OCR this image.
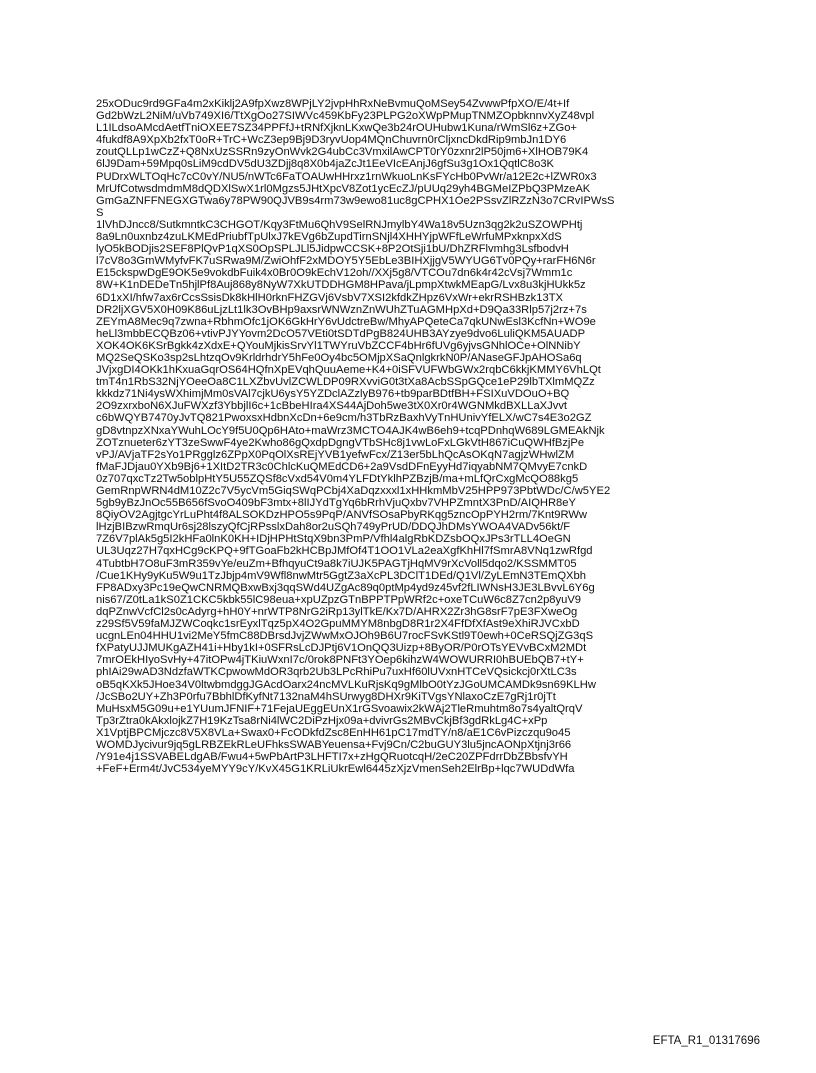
25xODuc9rd9GFa4m2xKiklj2A9fpXwz8WPjLY2jvpHhRxNeBvmuQoMSey54ZvwwPfpXO/E/4t+If
Gd2bWzL2NiM/uVb749XI6/TtXgOo27SIWVc459KbFy23PLPG2oXWpPMupTNMZOpbknnvXyZ48vpl
L1ILdsoAMcdAetfTniOXEE7SZ34PPFfJ+tRNfXjknLKxwQe3b24rOUHubw1Kuna/rWmSl6z+ZGo+
4fukdf8A9XpXb2fxT0oR+TrC+WcZ3ep9Bj9D3ryvUop4MQnChuvrn0rCljxncDkdRip9mbJn1DY6
zoutQLLp1wCzZ+Q8NxUzSSRn9zyOnWvk2G4ubCc3VmxilAwCPT0rY0zxnr2lP50jm6+XlHOB79K4
6lJ9Dam+59Mpq0sLiM9cdDV5dU3ZDjj8q8X0b4jaZcJt1EeVIcEAnjJ6gfSu3g1Ox1QqtlC8o3K
PUDrxWLTOqHc7cC0vY/NU5/nWTc6FaTOAUwHHrxz1rnWkuoLnKsFYcHb0PvWr/a12E2c+lZWR0x3
MrUfCotwsdmdmM8dQDXlSwX1rl0Mgzs5JHtXpcV8Zot1ycEcZJ/pUUq29yh4BGMeIZPbQ3PMzeAK
GmGaZNFFNEGXGTwa6y78PW90QJVB9s4rm73w9ewo81uc8gCPHX1Oe2PSsvZlRZzN3o7CRvIPWsS
S
1lVhDJncc8/SutkmntkC3CHGOT/Kqy3FtMu6QhV9SelRNJmylbY4Wa18v5Uzn3qg2k2uSZOWPHtj
8a9Ln0uxnbz4zuLKMEdPriubfTpUlxJ7kEVg6bZupdTirnSNjl4XHHYjpWFfLeWrfuMPxknpxXdS
lyO5kBODjis2SEF8PlQvP1qXS0OpSPLJLl5JidpwCCSK+8P2OtSji1bU/DhZRFlvmhg3LsfbodvH
l7cV8o3GmWMyfvFK7uSRwa9M/ZwiOhfF2xMDOY5Y5EbLe3BIHXjjgV5WYUG6Tv0PQy+rarFH6N6r
E15ckspwDgE9OK5e9vokdbFuik4x0Br0O9kEchV12oh//XXj5g8/VTCOu7dn6k4r42cVsj7Wmm1c
8W+K1nDEDeTn5hjlPf8Auj868y8NyW7XkUTDDHGM8HPava/jLpmpXtwkMEapG/Lvx8u3kjHUkk5z
6D1xXI/hfw7ax6rCcsSsisDk8kHlH0rknFHZGVj6VsbV7XSI2kfdkZHpz6VxWr+ekrRSHBzk13TX
DR2ljXGV5X0H09K86uLjzLt1lk3OvBHp9axsrWNWznZnWUhZTuAGMHpXd+D9Qa33Rlp57j2rz+7s
ZEYmA8Mec9q7zwna+RbhmOfc1jOK6GkHrY6vUdctreBw/MhyAPQeteCa7qkUNwEsl3KcfNn+WO9e
heLl3mbbECQBz06+vtivPJYYovm2DcO57VEti0tSDTdPgB824UHB3AYzye9dvo6LuliQKM5AUADP
XOK4OK6KSrBgkk4zXdxE+QYouMjkisSrvYl1TWYruVbZCCF4bHr6fUVg6yjvsGNhlOCe+OlNNibY
MQ2SeQSKo3sp2sLhtzqOv9KrldrhdrY5hFe0Oy4bc5OMjpXSaQnlgkrkN0P/ANaseGFJpAHOSa6q
JVjxgDI4OKk1hKxuaGqrOS64HQfnXpEVqhQuuAeme+K4+0iSFVUFWbGWx2rqbC6kkjKMMY6VhLQt
tmT4n1RbS32NjYOeeOa8C1LXZbvUvlZCWLDP09RXvviG0t3tXa8AcbSSpGQce1eP29lbTXlmMQZz
kkkdz71Ni4ysWXhimjMm0sVAl7cjkU6ysY5YZDclAZzlyB976+tb9parBDtfBH+FSIXuVDOuO+BQ
2O9zxrxboN6XJuFWXzf3YbbjlI6c+1cBbeHIra4XS44AjDoh5we3tX0Xr0r4WGNMkdBXLLaXJvvt
c6bWQYB7470yJvTQ821PwoxsxHdbnXcDn+6e9cm/h3TbRzBaxhVyTnHUnivYfELX/wC7s4E3o2GZ
gD8vtnpzXNxaYWuhLOcY9f5U0Qp6HAto+maWrz3MCTO4AJK4wB6eh9+tcqPDnhqW689LGMEAkNjk
ZOTznueter6zYT3zeSwwF4ye2Kwho86gQxdpDgngVTbSHc8j1vwLoFxLGkVtH867iCuQWHfBzjPe
vPJ/AVjaTF2sYo1PRgglz6ZPpX0PqOlXsREjYVB1yefwFcx/Z13er5bLhQcAsOKqN7agjzWHwlZM
fMaFJDjau0YXb9Bj6+1XItD2TR3c0ChlcKuQMEdCD6+2a9VsdDFnEyyHd7iqyabNM7QMvyE7cnkD
0z707qxcTz2Tw5oblpHtY5U55ZQSf8cVxd54V0m4YLFDtYklhPZBzjB/ma+mLfQrCxgMcQO88kg5
GemRnpWRN4dM10Z2c7V5ycVm5GiqSWqPCbj4XaDqzxxxl1xHHkmMbV25HPP973PbtWDc/C/w5YE2
5gb9yBzJnOc55B656fSvoO409bF3mtx+8lIJYdTgYq6bRrhVjuQxbv7VHPZmntX3PnD/AIQHR8eY
8QiyOV2AgjtgcYrLuPht4f8ALSOKDzHPO5s9PqP/ANVfSOsaPbyRKqg5zncOpPYH2rm/7Knt9RWw
lHzjBIBzwRmqUr6sj28lszyQfCjRPsslxDah8or2uSQh749yPrUD/DDQJhDMsYWOA4VADv56kt/F
7Z6V7plAk5g5I2kHFa0lnK0KH+IDjHPHtStqX9bn3PmP/Vfhl4algRbKDZsbOQxJPs3rTLL4OeGN
UL3Uqz27H7qxHCg9cKPQ+9fTGoaFb2kHCBpJMfOf4T1OO1VLa2eaXgfKhHl7fSmrA8VNq1zwRfgd
4TubtbH7O8uF3mR359vYe/euZm+BfhqyuCt9a8k7iUJK5PAGTjHqMV9rXcVoll5dqo2/KSSMMT05
/Cue1KHy9yKu5W9u1TzJbjp4mV9Wfl8nwMtr5GgtZ3aXcPL3DClT1DEd/Q1Vl/ZyLEmN3TEmQXbh
FP8ADxy3Pc19eQwCNRMQBxwBxj3qqSWd4UZgAc89q0ptMp4yd9z45vf2fLIWNsH3JE3LBvvL6Y6g
nis67/Z0tLa1kS0Z1CKC5kbk55lC98eua+xpUZpzGTnBPPTPpWRf2c+oxeTCuW6c8Z7cn2p8yuV9
dqPZnwVcfCl2s0cAdyrg+hH0Y+nrWTP8NrG2iRp13ylTkE/Kx7D/AHRX2Zr3hG8srF7pE3FXweOg
z29Sf5V59faMJZWCoqkc1srEyxlTqz5pX4O2GpuMMYM8nbgD8R1r2X4FfDfXfAst9eXhiRJVCxbD
ucgnLEn04HHU1vi2MeY5fmC88DBrsdJvjZWwMxOJOh9B6U7rocFSvKStl9T0ewh+0CeRSQjZG3qS
fXPatyUJJMUKgAZH41i+Hby1kI+0SFRsLcDJPtj6V1OnQQ3Uizp+8ByOR/P0rOTsYEVvBCxM2MDt
7mrOEkHIyoSvHy+47itOPw4jTKiuWxnI7c/0rok8PNFt3YOep6kihzW4WOWURRI0hBUEbQB7+tY+
phIAi29wAD3NdzfaWTKCpwowMdOR3qrb2Ub3LPcRhiPu7uxHf60lUVxnHTCeVQsickcj0rXtLC3s
oB5qKXk5JHoe34V0ltwbmdggJGAcdOarx24ncMVLKuRjsKq9gMlbO0tYzJGoUMCAMDk9sn69KLHw
/JcSBo2UY+Zh3P0rfu7BbhlDfKyfNt7132naM4hSUrwyg8DHXr9KiTVgsYNlaxoCzE7gRj1r0jTt
MuHsxM5G09u+e1YUumJFNIF+71FejaUEggEUnX1rGSvoawix2kWAj2TleRmuhtm8o7s4yaltQrqV
Tp3rZtra0kAkxlojkZ7H19KzTsa8rNi4lWC2DiPzHjx09a+dvivrGs2MBvCkjBf3gdRkLg4C+xPp
X1VptjBPCMjczc8V5X8VLa+Swax0+FcODkfdZsc8EnHH61pC17mdTY/n8/aE1C6vPizczqu9o45
WOMDJycivur9jq5gLRBZEkRLeUFhksSWABYeuensa+Fvj9Cn/C2buGUY3lu5jncAONpXtjnj3r66
/Y91e4j1SSVABELdgAB/Fwu4+5wPbArtP3LHFTI7x+zHgQRuotcqH/2eC20ZPFdrrDbZBbsfvYH
+FeF+Erm4t/JvC534yeMYY9cY/KvX45G1KRLiUkrEwl6445zXjzVmenSeh2ElrBp+lqc7WUDdWfa
EFTA_R1_01317696
